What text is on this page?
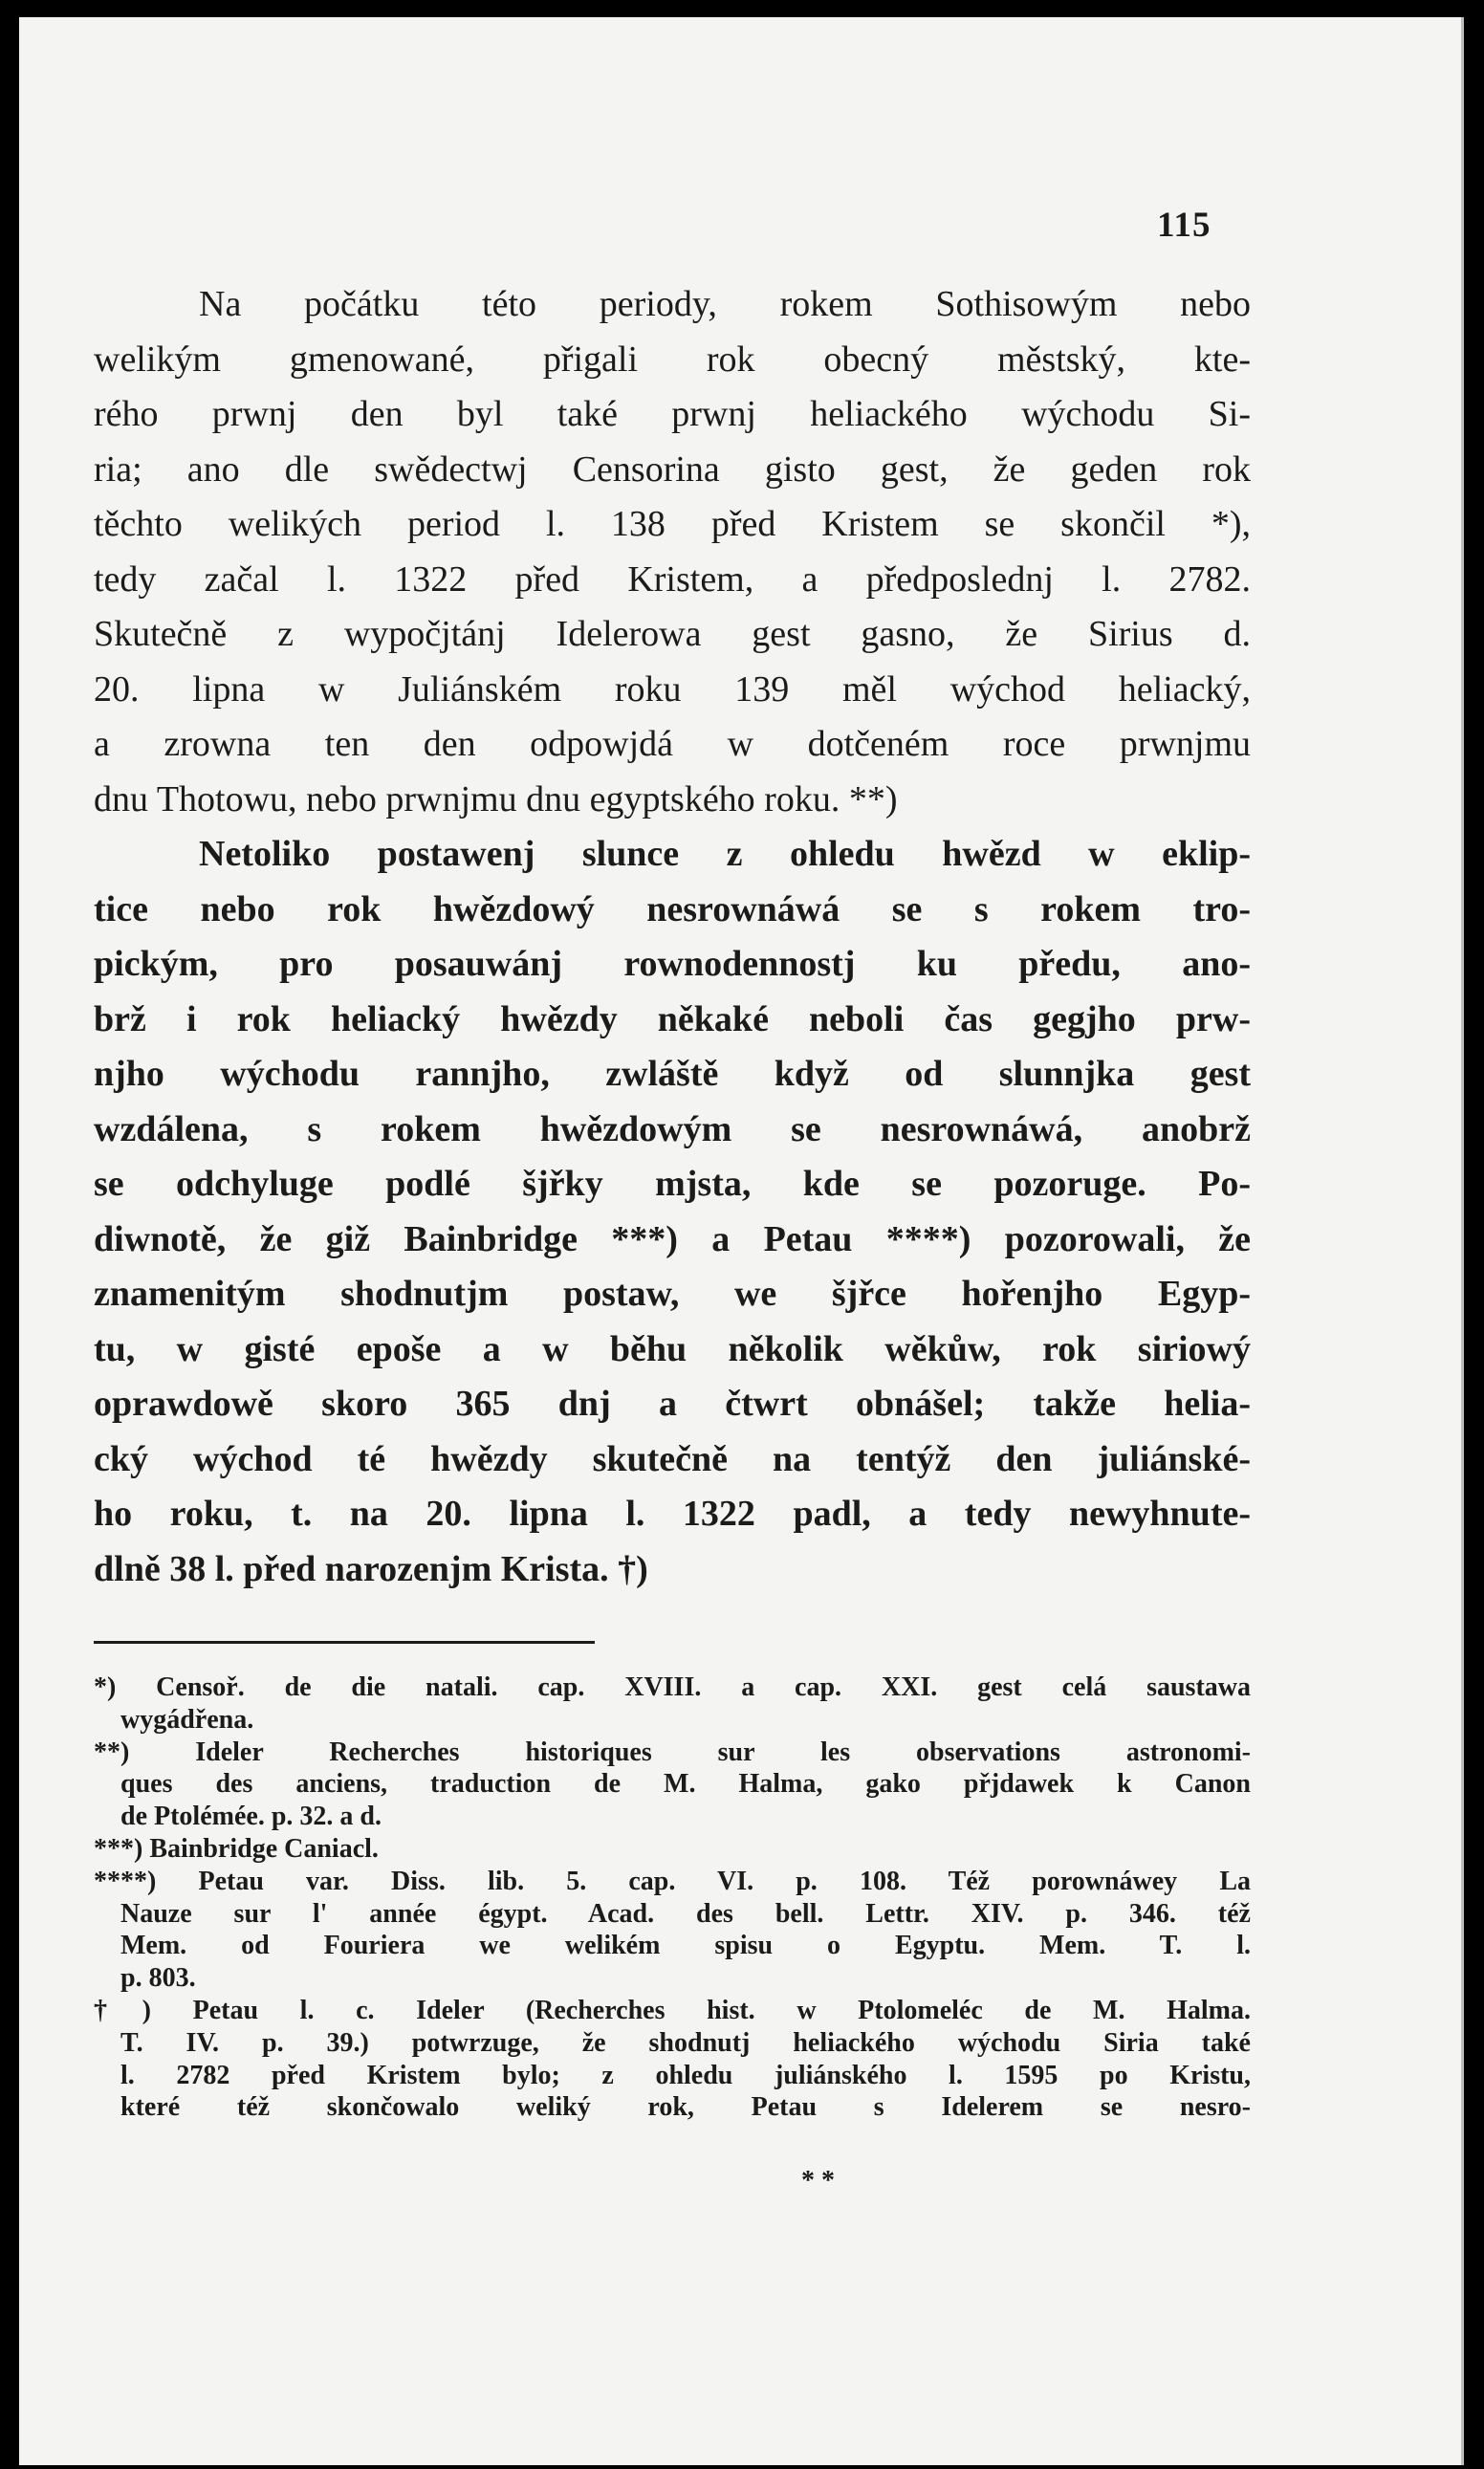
115
Na počátku této periody, rokem Sothisowým nebo
welikým gmenowané, přigali rok obecný městský, kte-
rého prwnj den byl také prwnj heliackého wýchodu Si-
ria; ano dle swědectwj Censorina gisto gest, že geden rok
těchto welikých period l. 138 před Kristem se skončil *),
tedy začal l. 1322 před Kristem, a předposlednj l. 2782.
Skutečně z wypočjtánj Idelerowa gest gasno, že Sirius d.
20. lipna w Juliánském roku 139 měl wýchod heliacký,
a zrowna ten den odpowjdá w dotčeném roce prwnjmu
dnu Thotowu, nebo prwnjmu dnu egyptského roku. **)
Netoliko postawenj slunce z ohledu hwězd w eklip-
tice nebo rok hwězdowý nesrownáwá se s rokem tro-
pickým, pro posauwánj rownodennostj ku předu, ano-
brž i rok heliacký hwězdy někaké neboli čas gegjho prw-
njho wýchodu rannjho, zwláště když od slunnjka gest
wzdálena, s rokem hwězdowým se nesrownáwá, anobrž
se odchyluge podlé šjřky mjsta, kde se pozoruge. Po-
diwnotě, že giž Bainbridge ***) a Petau ****) pozorowali, že
znamenitým shodnutjm postaw, we šjřce hořenjho Egyp-
tu, w gisté epoše a w běhu několik wěkůw, rok siriowý
oprawdowě skoro 365 dnj a čtwrt obnášel; takže helia-
cký wýchod té hwězdy skutečně na tentýž den juliánské-
ho roku, t. na 20. lipna l. 1322 padl, a tedy newyhnute-
dlně 38 l. před narozenjm Krista. †)
*) Censoř. de die natali. cap. XVIII. a cap. XXI. gest celá saustawa
wygádřena.
**) Ideler Recherches historiques sur les observations astronomi-
ques des anciens, traduction de M. Halma, gako přjdawek k Canon
de Ptolémée. p. 32. a d.
***) Bainbridge Caniacl.
****) Petau var. Diss. lib. 5. cap. VI. p. 108. Též porownáwey La
Nauze sur l' année égypt. Acad. des bell. Lettr. XIV. p. 346. též
Mem. od Fouriera we welikém spisu o Egyptu. Mem. T. l.
p. 803.
†) Petau l. c. Ideler (Recherches hist. w Ptolomeléc de M. Halma.
T. IV. p. 39.) potwrzuge, že shodnutj heliackého wýchodu Siria také
l. 2782 před Kristem bylo; z ohledu juliánského l. 1595 po Kristu,
které též skončowalo weliký rok, Petau s Idelerem se nesro-
* *
